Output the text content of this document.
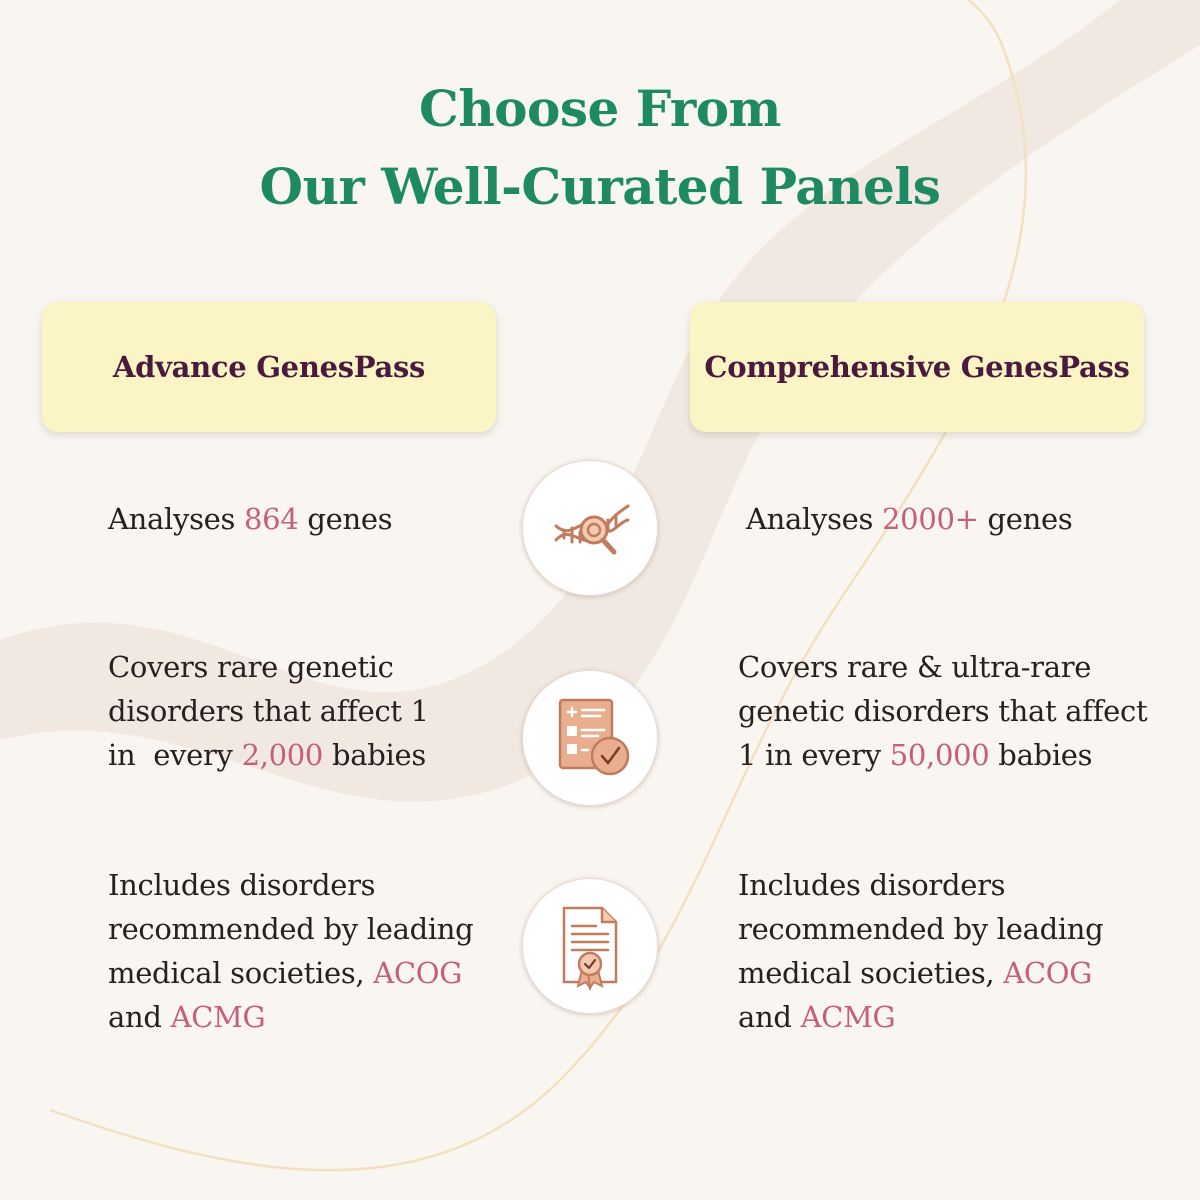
Choose From
Our Well-Curated Panels
Advance GenesPass	Comprehensive GenesPass
Analyses 864 genes	Analyses 2000+ genes
Covers rare genetic
disorders that affect 1
in  every 2,000 babies
Covers rare & ultra-rare
genetic disorders that affect
1 in every 50,000 babies
Includes disorders
recommended by leading
medical societies, ACOG
and ACMG
Includes disorders
recommended by leading
medical societies, ACOG
and ACMG
